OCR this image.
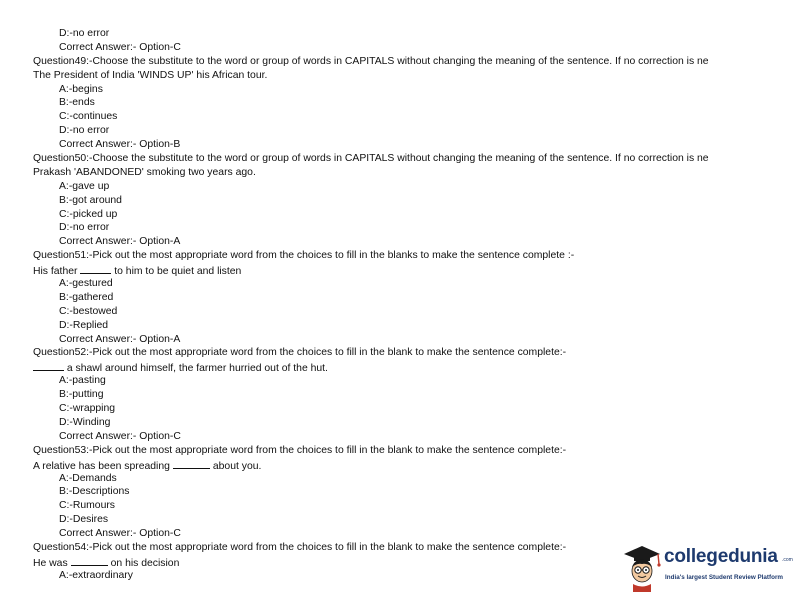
D:-no error
Correct Answer:- Option-C
Question49:-Choose the substitute to the word or group of words in CAPITALS without changing the meaning of the sentence. If no correction is ne
The President of India 'WINDS UP' his African tour.
A:-begins
B:-ends
C:-continues
D:-no error
Correct Answer:- Option-B
Question50:-Choose the substitute to the word or group of words in CAPITALS without changing the meaning of the sentence. If no correction is ne
Prakash 'ABANDONED' smoking two years ago.
A:-gave up
B:-got around
C:-picked up
D:-no error
Correct Answer:- Option-A
Question51:-Pick out the most appropriate word from the choices to fill in the blanks to make the sentence complete :-
His father	to him to be quiet and listen
A:-gestured
B:-gathered
C:-bestowed
D:-Replied
Correct Answer:- Option-A
Question52:-Pick out the most appropriate word from the choices to fill in the blank to make the sentence complete:-
a shawl around himself, the farmer hurried out of the hut.
A:-pasting
B:-putting
C:-wrapping
D:-Winding
Correct Answer:- Option-C
Question53:-Pick out the most appropriate word from the choices to fill in the blank to make the sentence complete:-
A relative has been spreading	about you.
A:-Demands
B:-Descriptions
C:-Rumours
D:-Desires
Correct Answer:- Option-C
Question54:-Pick out the most appropriate word from the choices to fill in the blank to make the sentence complete:-
He was	on his decision
A:-extraordinary
collegedunia .com
India's largest Student Review Platform
